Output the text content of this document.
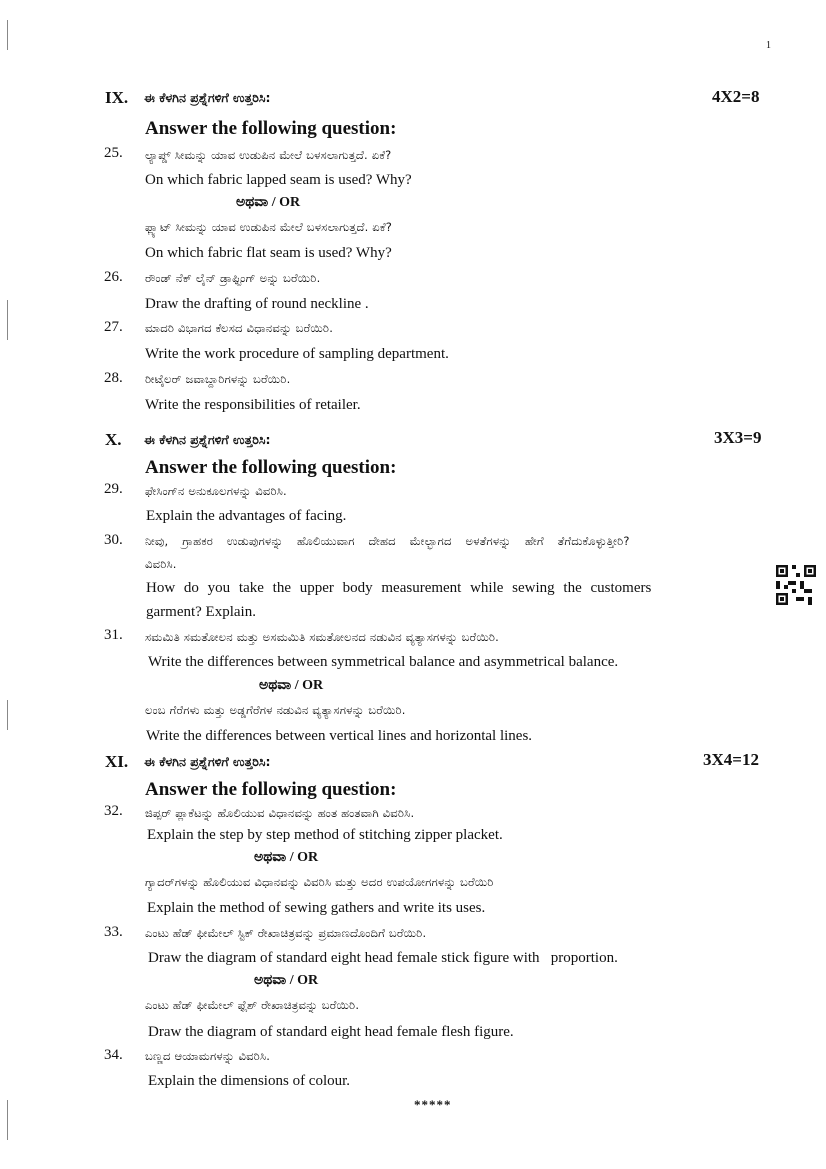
1
IX. ಈ ಕೆಳಗಿನ ಪ್ರಶ್ನೆಗಳಿಗೆ ಉತ್ತರಿಸಿ:	4X2=8
Answer the following question:
25. ಲ್ಯಾಪ್ಡ್ ಸೀಮನ್ನು ಯಾವ ಉಡುಪಿನ ಮೇಲೆ ಬಳಸಲಾಗುತ್ತದೆ. ಏಕೆ?
On which fabric lapped seam is used? Why?
ಅಥವಾ / OR
ಫ್ಲ್ಯಾಟ್ ಸೀಮನ್ನು ಯಾವ ಉಡುಪಿನ ಮೇಲೆ ಬಳಸಲಾಗುತ್ತದೆ. ಏಕೆ?
On which fabric flat seam is used? Why?
26. ರೌಂಡ್ ನೆಕ್ ಲೈನ್ ಡ್ರಾಫ್ಟಿಂಗ್ ಅನ್ನು ಬರೆಯಿರಿ.
Draw the drafting of round neckline .
27. ಮಾದರಿ ವಿಭಾಗದ ಕೆಲಸದ ವಿಧಾನವನ್ನು ಬರೆಯಿರಿ.
Write the work procedure of sampling department.
28. ರೀಟೈಲರ್ ಜವಾಬ್ದಾರಿಗಳನ್ನು ಬರೆಯಿರಿ.
Write the responsibilities of retailer.
X. ಈ ಕೆಳಗಿನ ಪ್ರಶ್ನೆಗಳಿಗೆ ಉತ್ತರಿಸಿ:	3X3=9
Answer the following question:
29. ಫೇಸಿಂಗ್‌ನ ಅನುಕೂಲಗಳನ್ನು ವಿವರಿಸಿ.
Explain the advantages of facing.
30. ನೀವು, ಗ್ರಾಹಕರ ಉಡುಪುಗಳನ್ನು ಹೊಲಿಯುವಾಗ ದೇಹದ ಮೇಲ್ಭಾಗದ ಅಳತೆಗಳನ್ನು ಹೇಗೆ ತೆಗೆದುಕೊಳ್ಳುತ್ತೀರಿ?
ವಿವರಿಸಿ.
How do you take the upper body measurement while sewing the customers
garment? Explain.
31. ಸಮಮಿತಿ ಸಮತೋಲನ ಮತ್ತು ಅಸಮಮಿತಿ ಸಮತೋಲನದ ನಡುವಿನ ವ್ಯತ್ಯಾಸಗಳನ್ನು ಬರೆಯಿರಿ.
Write the differences between symmetrical balance and asymmetrical balance.
ಅಥವಾ / OR
ಲಂಬ ಗೆರೆಗಳು ಮತ್ತು ಅಡ್ಡಗೆರೆಗಳ ನಡುವಿನ ವ್ಯತ್ಯಾಸಗಳನ್ನು ಬರೆಯಿರಿ.
Write the differences between vertical lines and horizontal lines.
XI. ಈ ಕೆಳಗಿನ ಪ್ರಶ್ನೆಗಳಿಗೆ ಉತ್ತರಿಸಿ:	3X4=12
Answer the following question:
32. ಜಿಪ್ಪರ್ ಪ್ಲಾಕೆಟನ್ನು ಹೊಲಿಯುವ ವಿಧಾನವನ್ನು ಹಂತ ಹಂತವಾಗಿ ವಿವರಿಸಿ.
Explain the step by step method of stitching zipper placket.
ಅಥವಾ / OR
ಗ್ಯಾದರ್‌ಗಳನ್ನು ಹೊಲಿಯುವ ವಿಧಾನವನ್ನು ವಿವರಿಸಿ ಮತ್ತು ಅದರ ಉಪಯೋಗಗಳನ್ನು ಬರೆಯಿರಿ
Explain the method of sewing gathers and write its uses.
33. ಎಂಟು ಹೆಡ್ ಫೀಮೇಲ್ ಸ್ಟಿಕ್ ರೇಖಾಚಿತ್ರವನ್ನು ಪ್ರಮಾಣದೊಂದಿಗೆ ಬರೆಯಿರಿ.
Draw the diagram of standard eight head female stick figure with   proportion.
ಅಥವಾ / OR
ಎಂಟು ಹೆಡ್ ಫೀಮೇಲ್ ಫ್ಲೆಶ್ ರೇಖಾಚಿತ್ರವನ್ನು ಬರೆಯಿರಿ.
Draw the diagram of standard eight head female flesh figure.
34. ಬಣ್ಣದ ಆಯಾಮಗಳನ್ನು ವಿವರಿಸಿ.
Explain the dimensions of colour.
*****
